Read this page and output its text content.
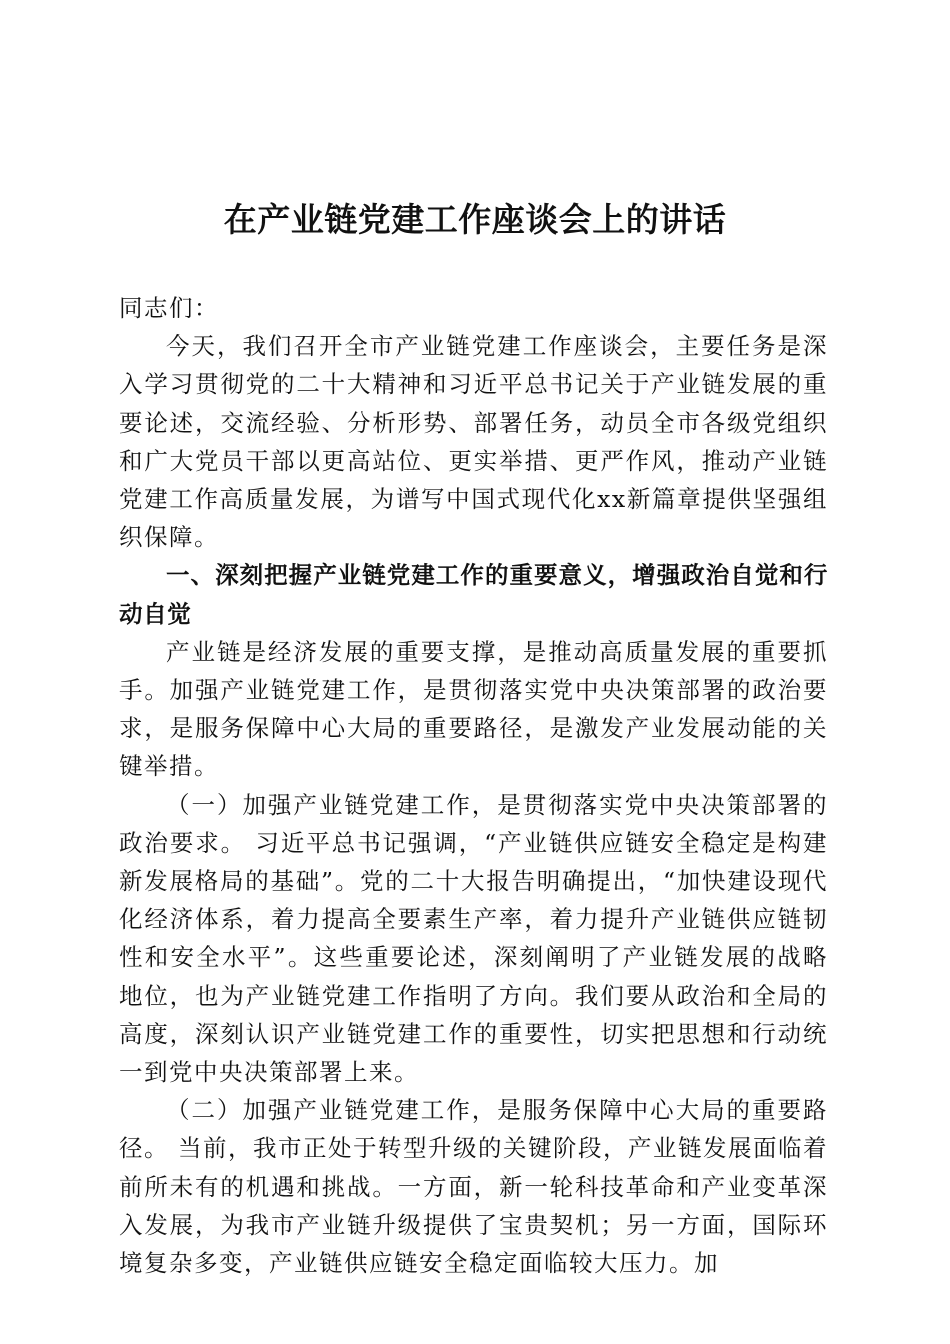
在产业链党建工作座谈会上的讲话

同志们：

今天，我们召开全市产业链党建工作座谈会，主要任务是深入学习贯彻党的二十大精神和习近平总书记关于产业链发展的重要论述，交流经验、分析形势、部署任务，动员全市各级党组织和广大党员干部以更高站位、更实举措、更严作风，推动产业链党建工作高质量发展，为谱写中国式现代化xx新篇章提供坚强组织保障。

一、深刻把握产业链党建工作的重要意义，增强政治自觉和行动自觉

产业链是经济发展的重要支撑，是推动高质量发展的重要抓手。加强产业链党建工作，是贯彻落实党中央决策部署的政治要求，是服务保障中心大局的重要路径，是激发产业发展动能的关键举措。

（一）加强产业链党建工作，是贯彻落实党中央决策部署的政治要求。 习近平总书记强调，“产业链供应链安全稳定是构建新发展格局的基础”。党的二十大报告明确提出，“加快建设现代化经济体系，着力提高全要素生产率，着力提升产业链供应链韧性和安全水平”。这些重要论述，深刻阐明了产业链发展的战略地位，也为产业链党建工作指明了方向。我们要从政治和全局的高度，深刻认识产业链党建工作的重要性，切实把思想和行动统一到党中央决策部署上来。

（二）加强产业链党建工作，是服务保障中心大局的重要路径。 当前，我市正处于转型升级的关键阶段，产业链发展面临着前所未有的机遇和挑战。一方面，新一轮科技革命和产业变革深入发展，为我市产业链升级提供了宝贵契机；另一方面，国际环境复杂多变，产业链供应链安全稳定面临较大压力。加
